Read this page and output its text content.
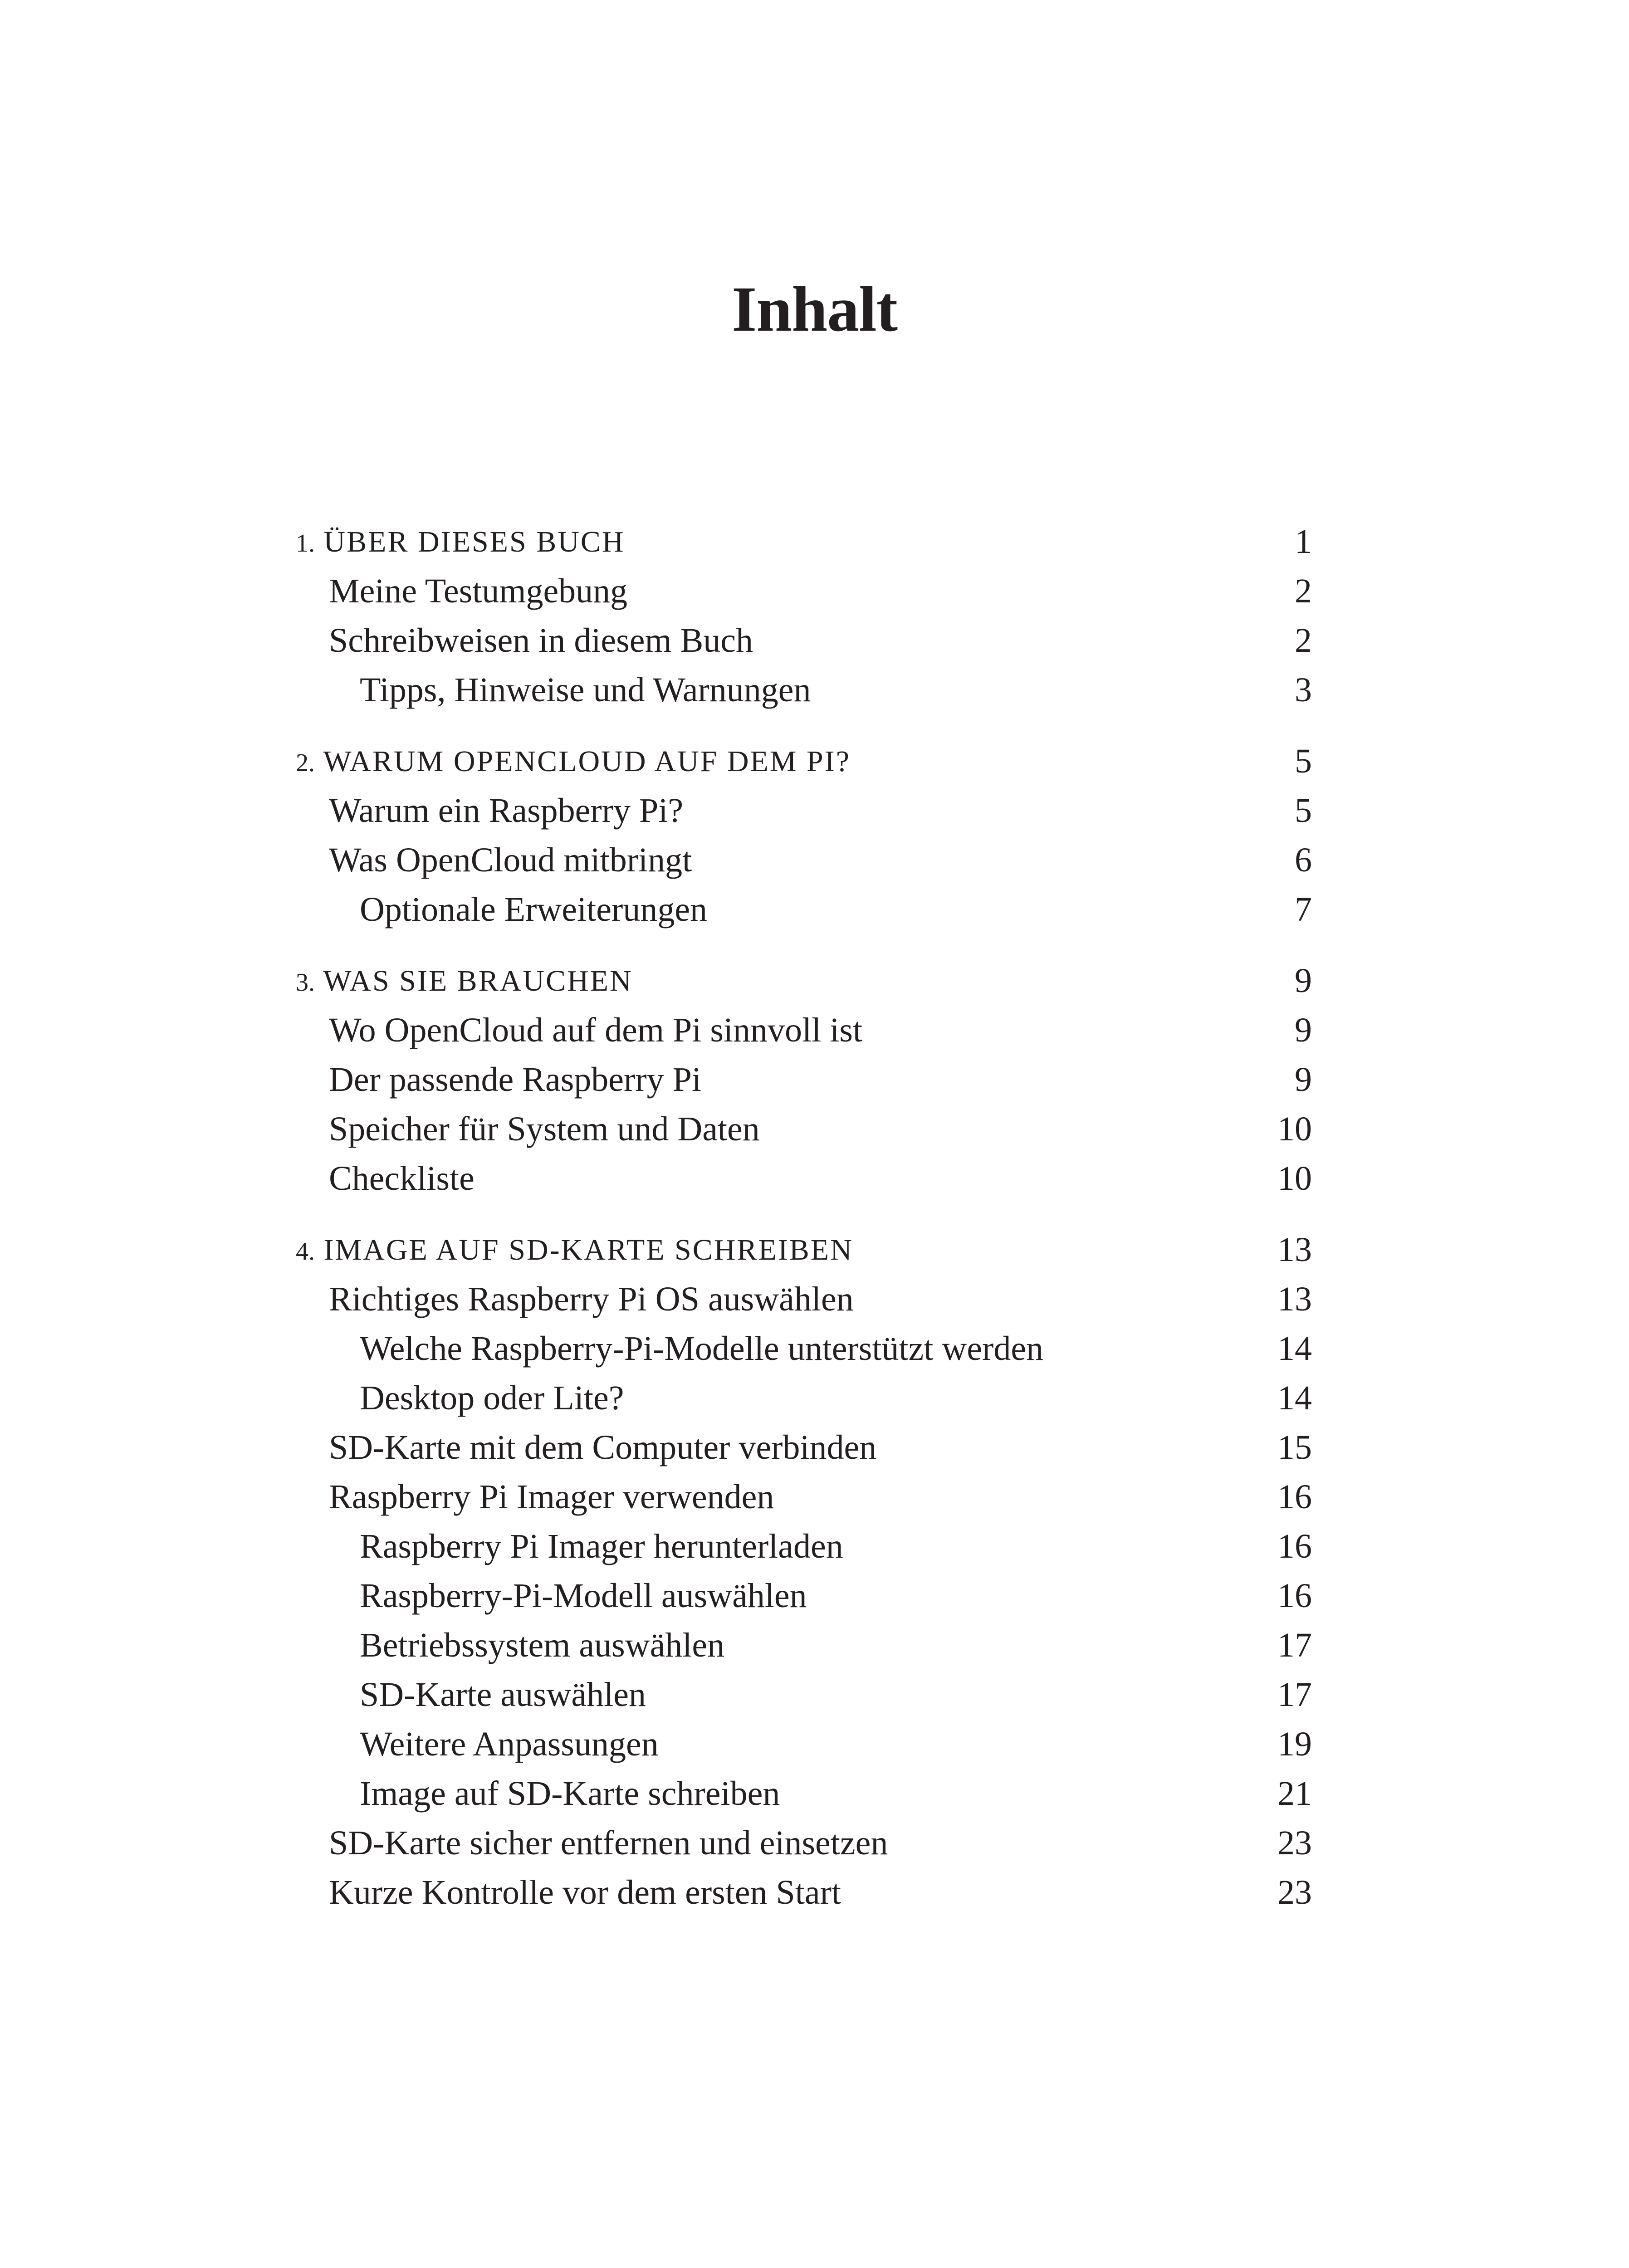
Inhalt
1. ÜBER DIESES BUCH	1
Meine Testumgebung	2
Schreibweisen in diesem Buch	2
Tipps, Hinweise und Warnungen	3
2. WARUM OPENCLOUD AUF DEM PI?	5
Warum ein Raspberry Pi?	5
Was OpenCloud mitbringt	6
Optionale Erweiterungen	7
3. WAS SIE BRAUCHEN	9
Wo OpenCloud auf dem Pi sinnvoll ist	9
Der passende Raspberry Pi	9
Speicher für System und Daten	10
Checkliste	10
4. IMAGE AUF SD-KARTE SCHREIBEN	13
Richtiges Raspberry Pi OS auswählen	13
Welche Raspberry-Pi-Modelle unterstützt werden	14
Desktop oder Lite?	14
SD-Karte mit dem Computer verbinden	15
Raspberry Pi Imager verwenden	16
Raspberry Pi Imager herunterladen	16
Raspberry-Pi-Modell auswählen	16
Betriebssystem auswählen	17
SD-Karte auswählen	17
Weitere Anpassungen	19
Image auf SD-Karte schreiben	21
SD-Karte sicher entfernen und einsetzen	23
Kurze Kontrolle vor dem ersten Start	23
